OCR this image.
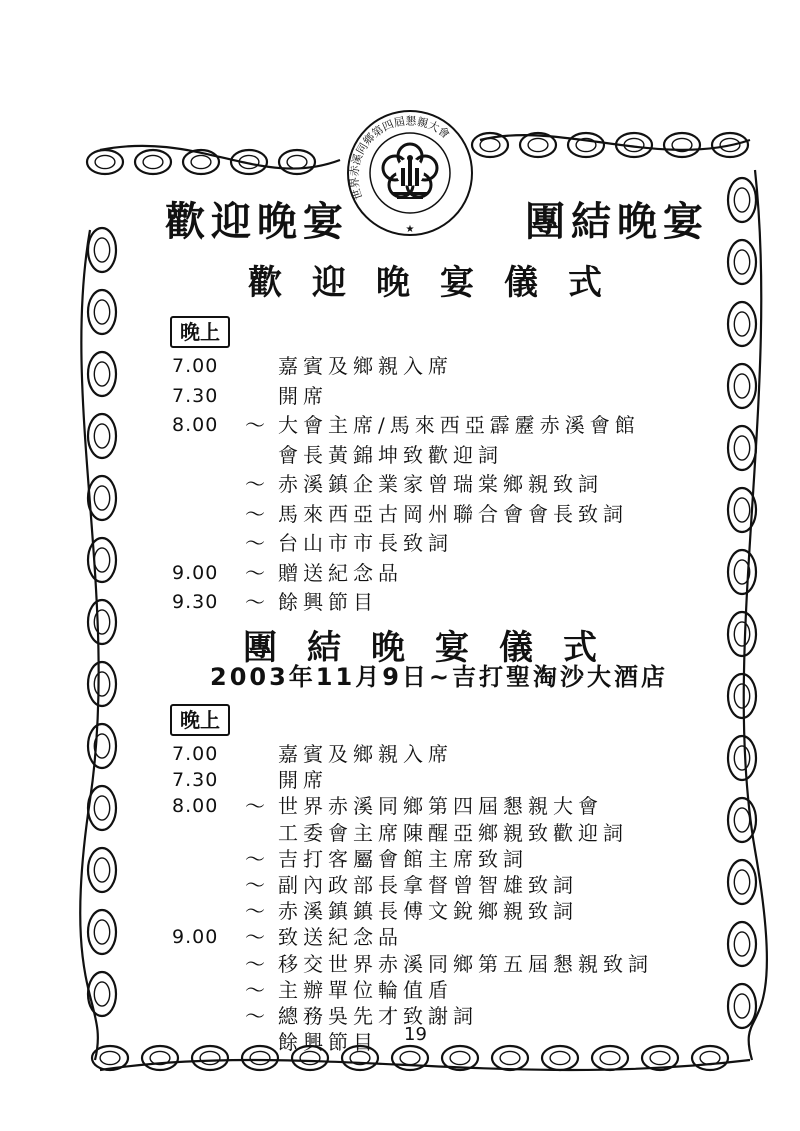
世界赤溪同鄉第四屆懇親大會
★
歡迎晚宴	團結晚宴
歡迎晚宴儀式
晚上
7.00	嘉賓及鄉親入席
7.30	開席
8.00 ～ 大會主席/馬來西亞霹靂赤溪會館
會長黃錦坤致歡迎詞
～ 赤溪鎮企業家曾瑞棠鄉親致詞
～ 馬來西亞古岡州聯合會會長致詞
～ 台山市市長致詞
9.00 ～ 贈送紀念品
9.30 ～ 餘興節目
團結晚宴儀式
2003年11月9日~吉打聖淘沙大酒店
晚上
7.00	嘉賓及鄉親入席
7.30	開席
8.00 ～ 世界赤溪同鄉第四屆懇親大會
工委會主席陳醒亞鄉親致歡迎詞
～ 吉打客屬會館主席致詞
～ 副內政部長拿督曾智雄致詞
～ 赤溪鎮鎮長傅文銳鄉親致詞
9.00 ～ 致送紀念品
～ 移交世界赤溪同鄉第五屆懇親致詞
～ 主辦單位輪值盾
～ 總務吳先才致謝詞
餘興節目 19
